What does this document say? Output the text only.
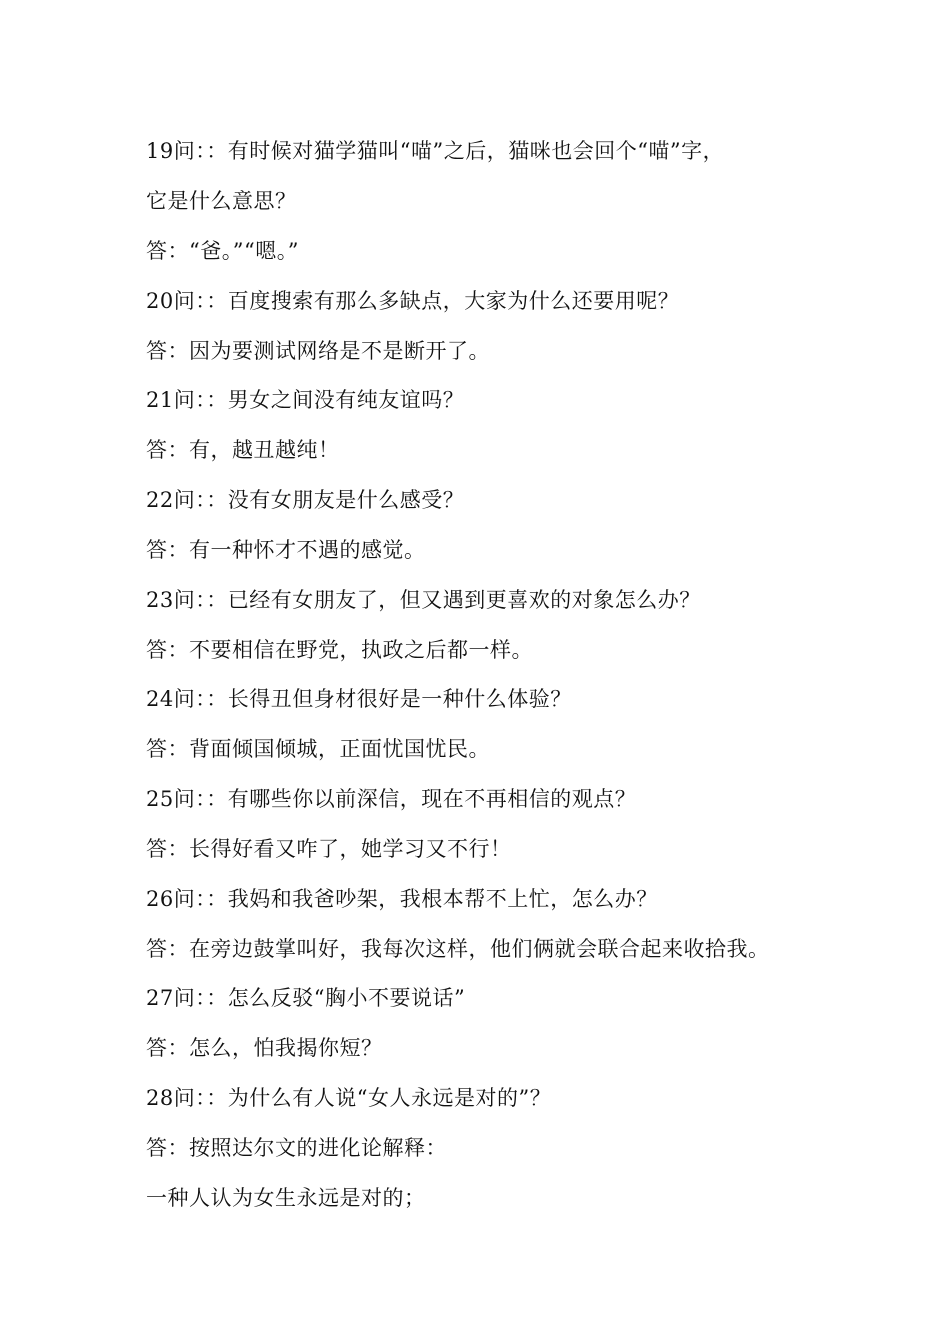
19问：：有时候对猫学猫叫“喵”之后，猫咪也会回个“喵”字，
它是什么意思？
答：“爸。”“嗯。”
20问：：百度搜索有那么多缺点，大家为什么还要用呢？
答：因为要测试网络是不是断开了。
21问：：男女之间没有纯友谊吗？
答：有，越丑越纯！
22问：：没有女朋友是什么感受？
答：有一种怀才不遇的感觉。
23问：：已经有女朋友了，但又遇到更喜欢的对象怎么办？
答：不要相信在野党，执政之后都一样。
24问：：长得丑但身材很好是一种什么体验？
答：背面倾国倾城，正面忧国忧民。
25问：：有哪些你以前深信，现在不再相信的观点？
答：长得好看又咋了，她学习又不行！
26问：：我妈和我爸吵架，我根本帮不上忙，怎么办？
答：在旁边鼓掌叫好，我每次这样，他们俩就会联合起来收拾我。
27问：：怎么反驳“胸小不要说话”
答：怎么，怕我揭你短？
28问：：为什么有人说“女人永远是对的”？
答：按照达尔文的进化论解释：
一种人认为女生永远是对的；
